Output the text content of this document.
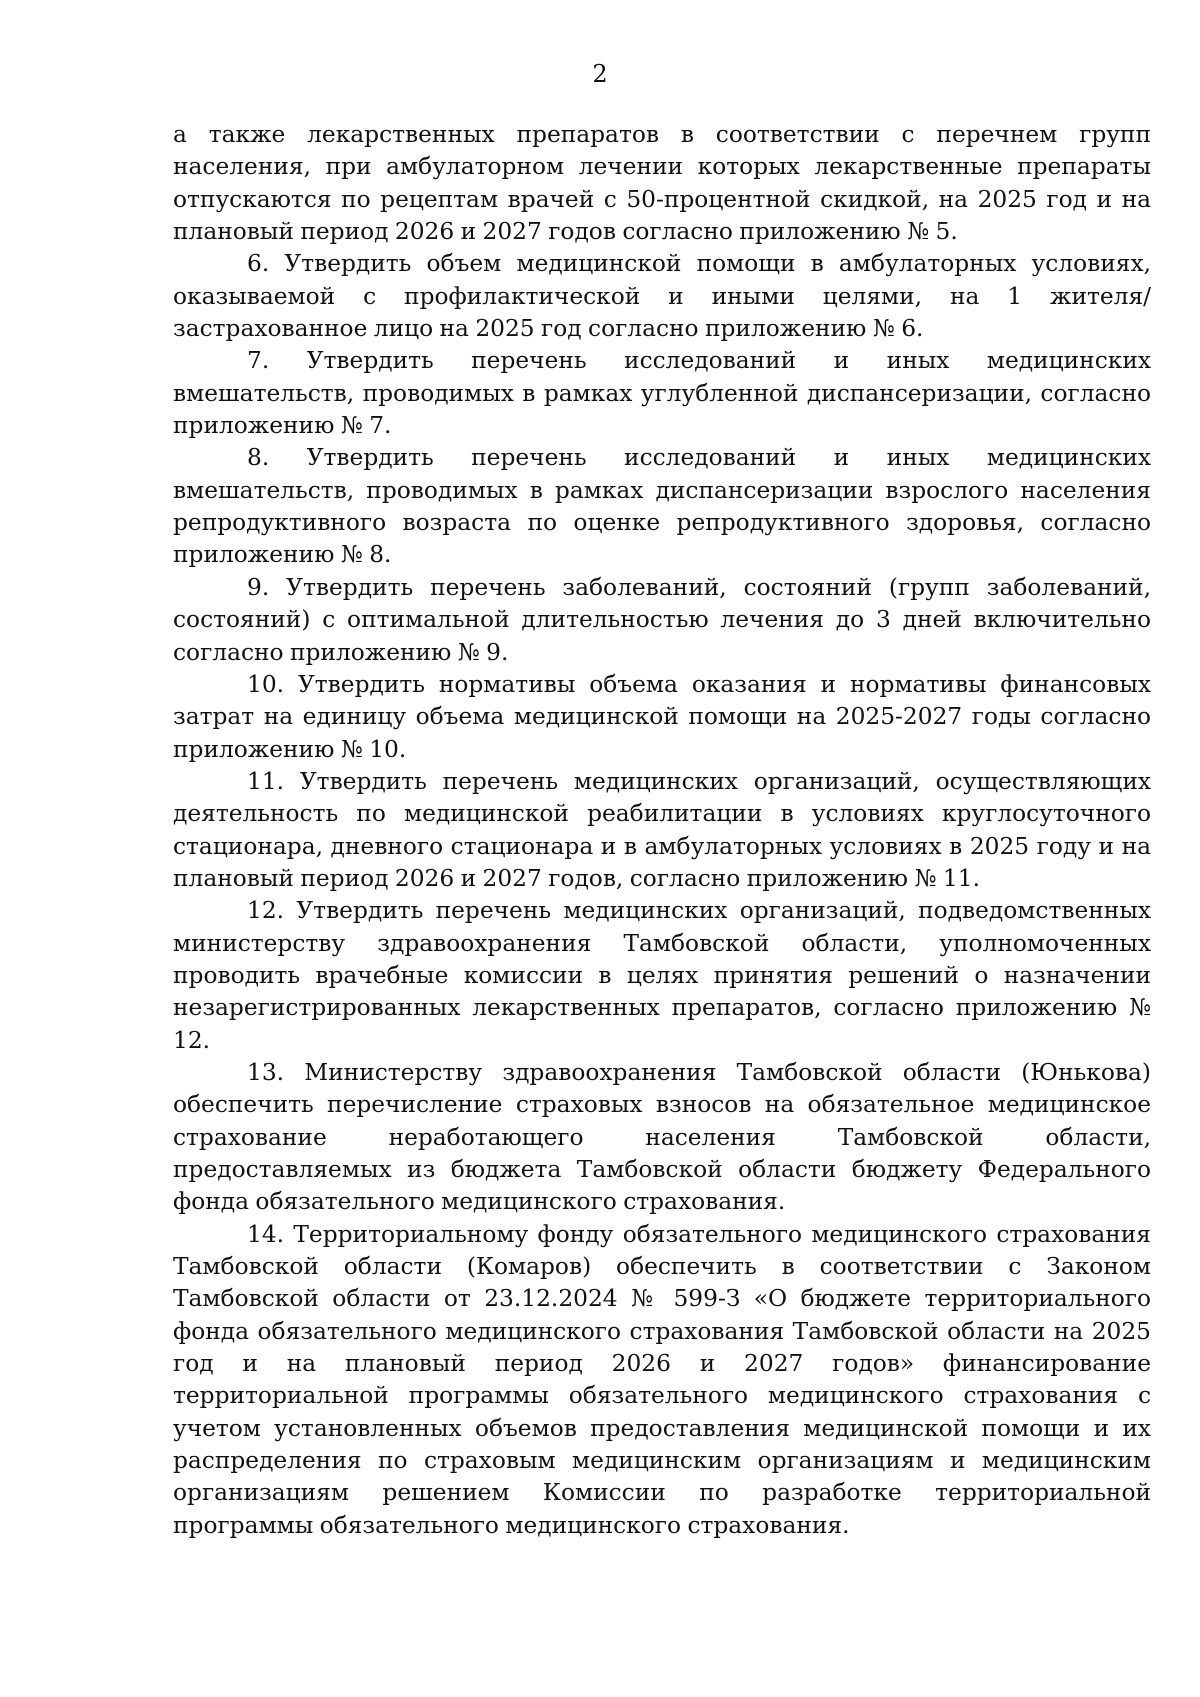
2

а также лекарственных препаратов в соответствии с перечнем групп населения, при амбулаторном лечении которых лекарственные препараты отпускаются по рецептам врачей с 50-процентной скидкой, на 2025 год и на плановый период 2026 и 2027 годов согласно приложению № 5.

6. Утвердить объем медицинской помощи в амбулаторных условиях, оказываемой с профилактической и иными целями, на 1 жителя/ застрахованное лицо на 2025 год согласно приложению № 6.

7. Утвердить перечень исследований и иных медицинских вмешательств, проводимых в рамках углубленной диспансеризации, согласно приложению № 7.

8. Утвердить перечень исследований и иных медицинских вмешательств, проводимых в рамках диспансеризации взрослого населения репродуктивного возраста по оценке репродуктивного здоровья, согласно приложению № 8.

9. Утвердить перечень заболеваний, состояний (групп заболеваний, состояний) с оптимальной длительностью лечения до 3 дней включительно согласно приложению № 9.

10. Утвердить нормативы объема оказания и нормативы финансовых затрат на единицу объема медицинской помощи на 2025-2027 годы согласно приложению № 10.

11. Утвердить перечень медицинских организаций, осуществляющих деятельность по медицинской реабилитации в условиях круглосуточного стационара, дневного стационара и в амбулаторных условиях в 2025 году и на плановый период 2026 и 2027 годов, согласно приложению № 11.

12. Утвердить перечень медицинских организаций, подведомственных министерству здравоохранения Тамбовской области, уполномоченных проводить врачебные комиссии в целях принятия решений о назначении незарегистрированных лекарственных препаратов, согласно приложению № 12.

13. Министерству здравоохранения Тамбовской области (Юнькова) обеспечить перечисление страховых взносов на обязательное медицинское страхование неработающего населения Тамбовской области, предоставляемых из бюджета Тамбовской области бюджету Федерального фонда обязательного медицинского страхования.

14. Территориальному фонду обязательного медицинского страхования Тамбовской области (Комаров) обеспечить в соответствии с Законом Тамбовской области от 23.12.2024 № 599-З «О бюджете территориального фонда обязательного медицинского страхования Тамбовской области на 2025 год и на плановый период 2026 и 2027 годов» финансирование территориальной программы обязательного медицинского страхования с учетом установленных объемов предоставления медицинской помощи и их распределения по страховым медицинским организациям и медицинским организациям решением Комиссии по разработке территориальной программы обязательного медицинского страхования.
